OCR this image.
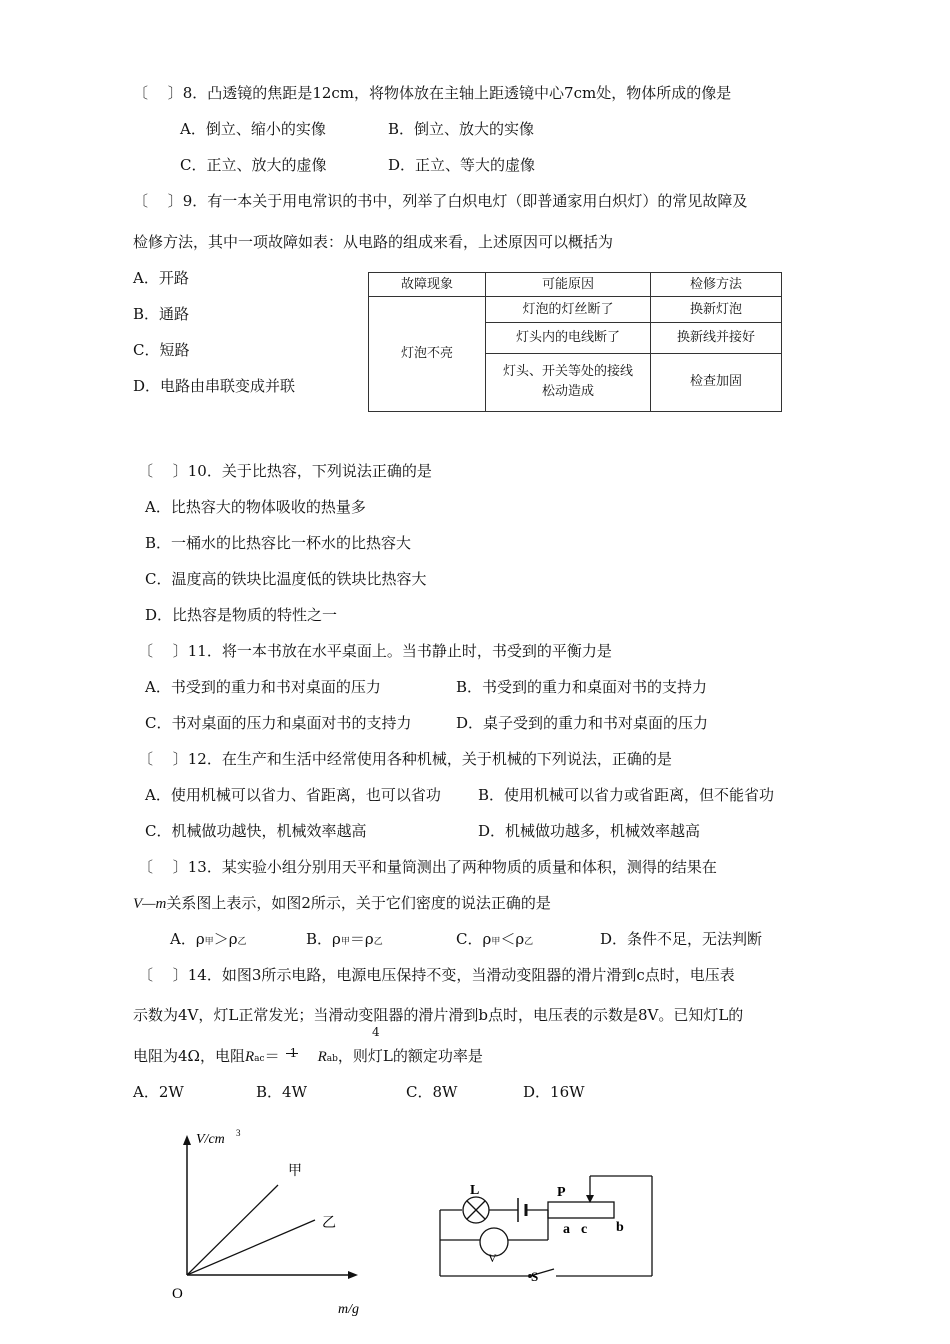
〔　 〕8．凸透镜的焦距是12cm，将物体放在主轴上距透镜中心7cm处，物体所成的像是
A．倒立、缩小的实像	B．倒立、放大的实像
C．正立、放大的虚像	D．正立、等大的虚像
〔　 〕9．有一本关于用电常识的书中，列举了白炽电灯（即普通家用白炽灯）的常见故障及
检修方法，其中一项故障如表：从电路的组成来看，上述原因可以概括为
A．开路
B．通路
C．短路
D．电路由串联变成并联
故障现象	可能原因	检修方法
灯泡不亮	灯泡的灯丝断了	换新灯泡
	灯头内的电线断了	换新线并接好
	灯头、开关等处的接线松动造成	检查加固
〔　 〕10．关于比热容，下列说法正确的是
A．比热容大的物体吸收的热量多
B．一桶水的比热容比一杯水的比热容大
C．温度高的铁块比温度低的铁块比热容大
D．比热容是物质的特性之一
〔　 〕11．将一本书放在水平桌面上。当书静止时，书受到的平衡力是
A．书受到的重力和书对桌面的压力	B．书受到的重力和桌面对书的支持力
C．书对桌面的压力和桌面对书的支持力	D．桌子受到的重力和书对桌面的压力
〔　 〕12．在生产和生活中经常使用各种机械，关于机械的下列说法，正确的是
A．使用机械可以省力、省距离，也可以省功 B．使用机械可以省力或省距离，但不能省功
C．机械做功越快，机械效率越高	D．机械做功越多，机械效率越高
〔　 〕13．某实验小组分别用天平和量筒测出了两种物质的质量和体积，测得的结果在
V—m关系图上表示，如图2所示，关于它们密度的说法正确的是
A．ρ甲＞ρ乙	B．ρ甲＝ρ乙	C．ρ甲＜ρ乙	D．条件不足，无法判断
〔　 〕14．如图3所示电路，电源电压保持不变，当滑动变阻器的滑片滑到c点时，电压表
示数为4V，灯L正常发光；当滑动变阻器的滑片滑到b点时，电压表的示数是8V。已知灯L的
电阻为4Ω，电阻Rac＝ 1 Rab，则灯L的额定功率是
4
A．2W	B．4W	C．8W	D．16W
V/cm 3
甲
乙
O
m/g
L	P
a c b
V
S
